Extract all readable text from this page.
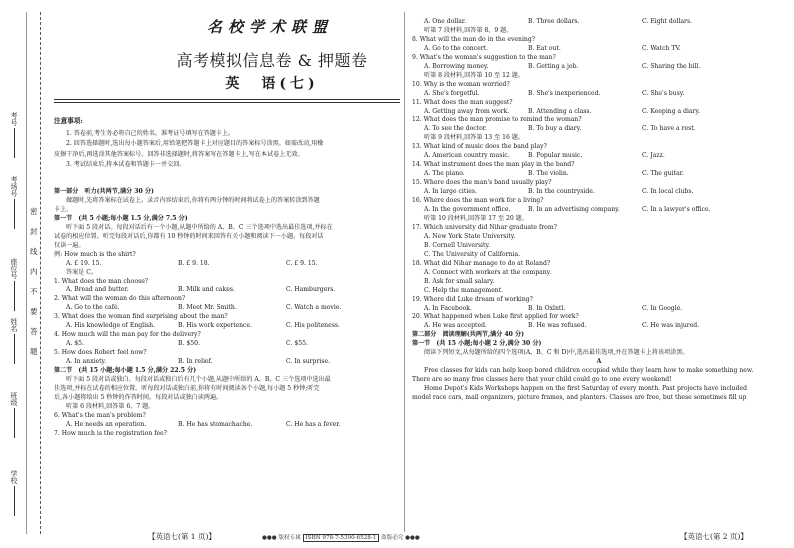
学校
班级
姓名
考场号
考号
座位号
密
封
线
内
不
要
答
题
名校学术联盟
高考模拟信息卷 & 押题卷
英　语(七)
注意事项:
1. 答卷前,考生务必将自己的姓名、准考证号填写在答题卡上。
2. 回答选择题时,选出每小题答案后,用铅笔把答题卡上对应题目的答案标号涂黑。如需改动,用橡
皮擦干净后,再选涂其他答案标号。回答非选择题时,将答案写在答题卡上,写在本试卷上无效。
3. 考试结束后,将本试卷和答题卡一并交回。
第一部分　听力(共两节,满分 30 分)
做题时,先将答案标在试卷上。录音内容结束后,你将有两分钟的时间将试卷上的答案转涂到答题
卡上。
第一节　(共 5 小题;每小题 1.5 分,满分 7.5 分)
听下面 5 段对话。每段对话后有一个小题,从题中所给的 A、B、C 三个选项中选出最佳选项,并标在
试卷的相应位置。听完每段对话后,你都有 10 秒钟的时间来回答有关小题和阅读下一小题。每段对话
仅读一遍。
例: How much is the shirt?
A. £ 19. 15.	B. £ 9. 18.	C. £ 9. 15.
答案是 C。
1. What does the man choose?
A. Bread and butter.	B. Milk and cakes.	C. Hamburgers.
2. What will the woman do this afternoon?
A. Go to the café.	B. Meet Mr. Smith.	C. Watch a movie.
3. What does the woman find surprising about the man?
A. His knowledge of English.	B. His work experience.	C. His politeness.
4. How much will the man pay for the delivery?
A. $5.	B. $50.	C. $55.
5. How does Robert feel now?
A. In anxiety.	B. In relief.	C. In surprise.
第二节　(共 15 小题;每小题 1.5 分,满分 22.5 分)
听下面 5 段对话或独白。每段对话或独白后有几个小题,从题中所给的 A、B、C 三个选项中选出最
佳选项,并标在试卷的相应位置。听每段对话或独白前,你将有时间阅读各个小题,每小题 5 秒钟;听完
后,各小题将给出 5 秒钟的作答时间。每段对话或独白读两遍。
听第 6 段材料,回答第 6、7 题。
6. What's the man's problem?
A. He needs an operation.	B. He has stomachache.	C. He has a fever.
7. How much is the registration fee?
【英语七(第 1 页)】	●●● 版权专属 ISBN 978-7-5390-6528-1 盗版必究 ●●●
A. One dollar.	B. Three dollars.	C. Eight dollars.
听第 7 段材料,回答第 8、9 题。
8. What will the man do in the evening?
A. Go to the concert.	B. Eat out.	C. Watch TV.
9. What's the woman's suggestion to the man?
A. Borrowing money.	B. Getting a job.	C. Sharing the bill.
听第 8 段材料,回答第 10 至 12 题。
10. Why is the woman worried?
A. She's forgetful.	B. She's inexperienced.	C. She's busy.
11. What does the man suggest?
A. Getting away from work.	B. Attending a class.	C. Keeping a diary.
12. What does the man promise to remind the woman?
A. To see the doctor.	B. To buy a diary.	C. To have a rest.
听第 9 段材料,回答第 13 至 16 题。
13. What kind of music does the band play?
A. American country music.	B. Popular music.	C. Jazz.
14. What instrument does the man play in the band?
A. The piano.	B. The violin.	C. The guitar.
15. Where does the man's band usually play?
A. In large cities.	B. In the countryside.	C. In local clubs.
16. Where does the man work for a living?
A. In the government office.	B. In an advertising company.	C. In a lawyer's office.
听第 10 段材料,回答第 17 至 20 题。
17. Which university did Nihar graduate from?
A. New York State University.
B. Cornell University.
C. The University of California.
18. What did Nihar manage to do at Roland?
A. Connect with workers at the company.
B. Ask for small salary.
C. Help the management.
19. Where did Luke dream of working?
A. In Facebook.	B. In Oxlntl.	C. In Google.
20. What happened when Luke first applied for work?
A. He was accepted.	B. He was refused.	C. He was injured.
第二部分　阅读理解(共两节,满分 40 分)
第一节　(共 15 小题;每小题 2 分,满分 30 分)
阅读下列短文,从每题所给的四个选项(A、B、C 和 D)中,选出最佳选项,并在答题卡上将该项涂黑。
A
Free classes for kids can help keep bored children occupied while they learn how to make something new.
There are so many free classes here that your child could go to one every weekend!
Home Depot's Kids Workshops happen on the first Saturday of every month. Past projects have included
model race cars, mail organizers, picture frames, and planters. Classes are free, but these sometimes fill up
【英语七(第 2 页)】
